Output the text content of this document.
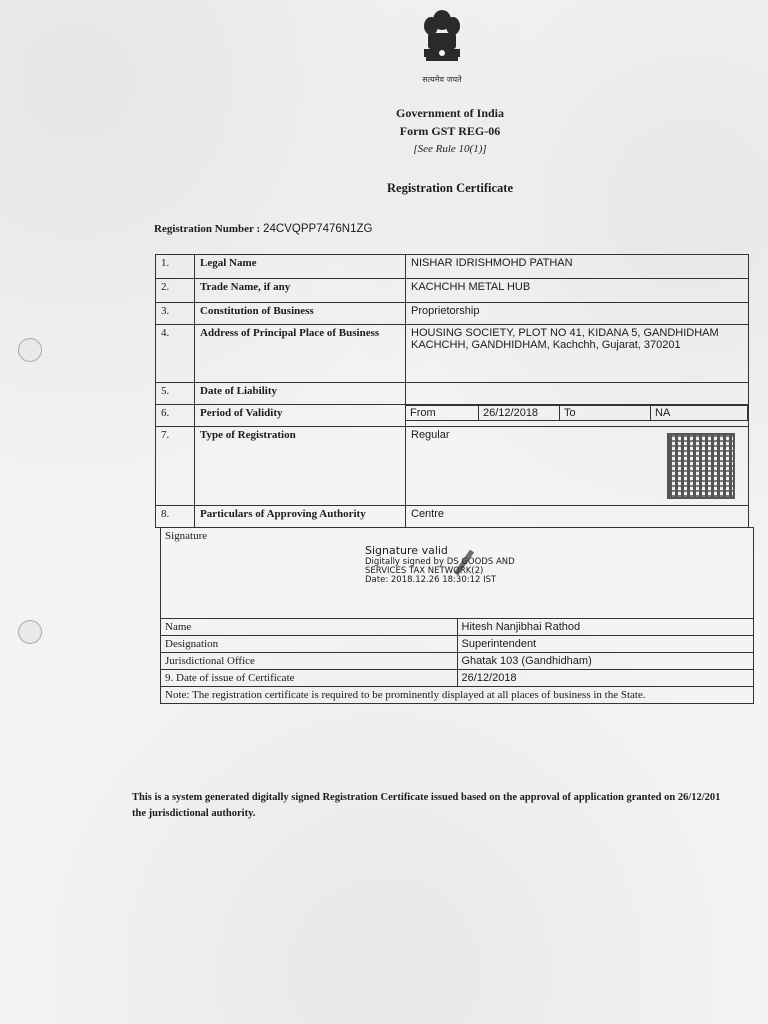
सत्यमेव जयते
Government of India
Form GST REG-06
[See Rule 10(1)]
Registration Certificate
Registration Number : 24CVQPP7476N1ZG
1.	Legal Name	NISHAR IDRISHMOHD PATHAN
2.	Trade Name, if any	KACHCHH METAL HUB
3.	Constitution of Business	Proprietorship
4.	Address of Principal Place of Business	HOUSING SOCIETY, PLOT NO 41, KIDANA 5, GANDHIDHAM KACHCHH, GANDHIDHAM, Kachchh, Gujarat, 370201
5.	Date of Liability	
6.	Period of Validity		From	26/12/2018	To	NA

7.	Type of Registration	Regular
8.	Particulars of Approving Authority	Centre
Signature
Signature valid
Digitally signed by DS GOODS AND
SERVICES TAX NETWORK(2)
Date: 2018.12.26 18:30:12 IST	

Name	Hitesh Nanjibhai Rathod
Designation	Superintendent
Jurisdictional Office	Ghatak 103 (Gandhidham)
9. Date of issue of Certificate	26/12/2018
Note: The registration certificate is required to be prominently displayed at all places of business in the State.	
This is a system generated digitally signed Registration Certificate issued based on the approval of application granted on 26/12/201
the jurisdictional authority.
